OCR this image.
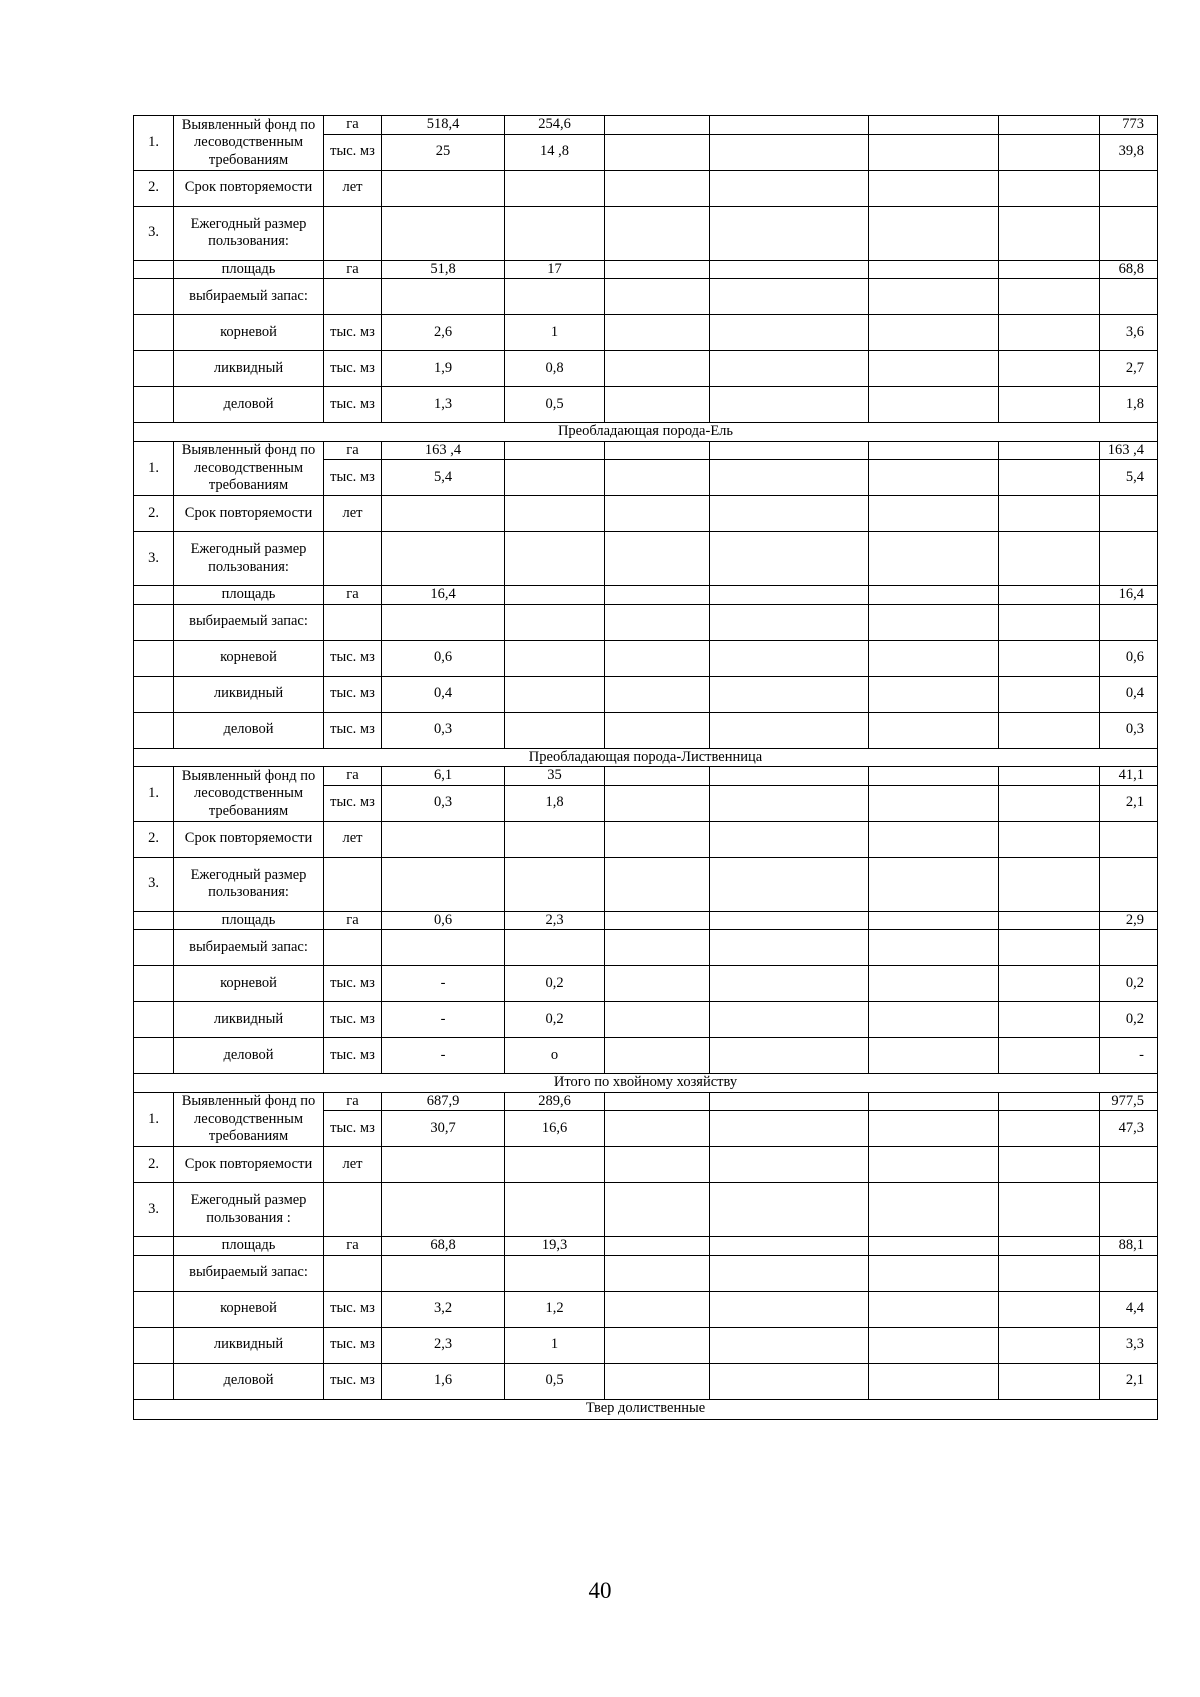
1.	Выявленный фонд по лесоводственным требованиям	га	518,4	254,6					773
		тыс. мз	25	14 ,8					39,8
2.	Срок повторяемости	лет							
3.	Ежегодный размер пользования:								
	площадь	га	51,8	17					68,8
	выбираемый запас:								
	корневой	тыс. мз	2,6	1					3,6
	ликвидный	тыс. мз	1,9	0,8					2,7
	деловой	тыс. мз	1,3	0,5					1,8
Преобладающая порода-Ель									
1.	Выявленный фонд по лесоводственным требованиям	га	163 ,4						163 ,4
		тыс. мз	5,4						5,4
2.	Срок повторяемости	лет							
3.	Ежегодный размер пользования:								
	площадь	га	16,4						16,4
	выбираемый запас:								
	корневой	тыс. мз	0,6						0,6
	ликвидный	тыс. мз	0,4						0,4
	деловой	тыс. мз	0,3						0,3
Преобладающая порода-Лиственница									
1.	Выявленный фонд по лесоводственным требованиям	га	6,1	35					41,1
		тыс. мз	0,3	1,8					2,1
2.	Срок повторяемости	лет							
3.	Ежегодный размер пользования:								
	площадь	га	0,6	2,3					2,9
	выбираемый запас:								
	корневой	тыс. мз	-	0,2					0,2
	ликвидный	тыс. мз	-	0,2					0,2
	деловой	тыс. мз	-	о					-
Итого по хвойному хозяйству									
1.	Выявленный фонд по лесоводственным требованиям	га	687,9	289,6					977,5
		тыс. мз	30,7	16,6					47,3
2.	Срок повторяемости	лет							
3.	Ежегодный размер пользования :								
	площадь	га	68,8	19,3					88,1
	выбираемый запас:								
	корневой	тыс. мз	3,2	1,2					4,4
	ликвидный	тыс. мз	2,3	1					3,3
	деловой	тыс. мз	1,6	0,5					2,1
Твер долиственные									
40
